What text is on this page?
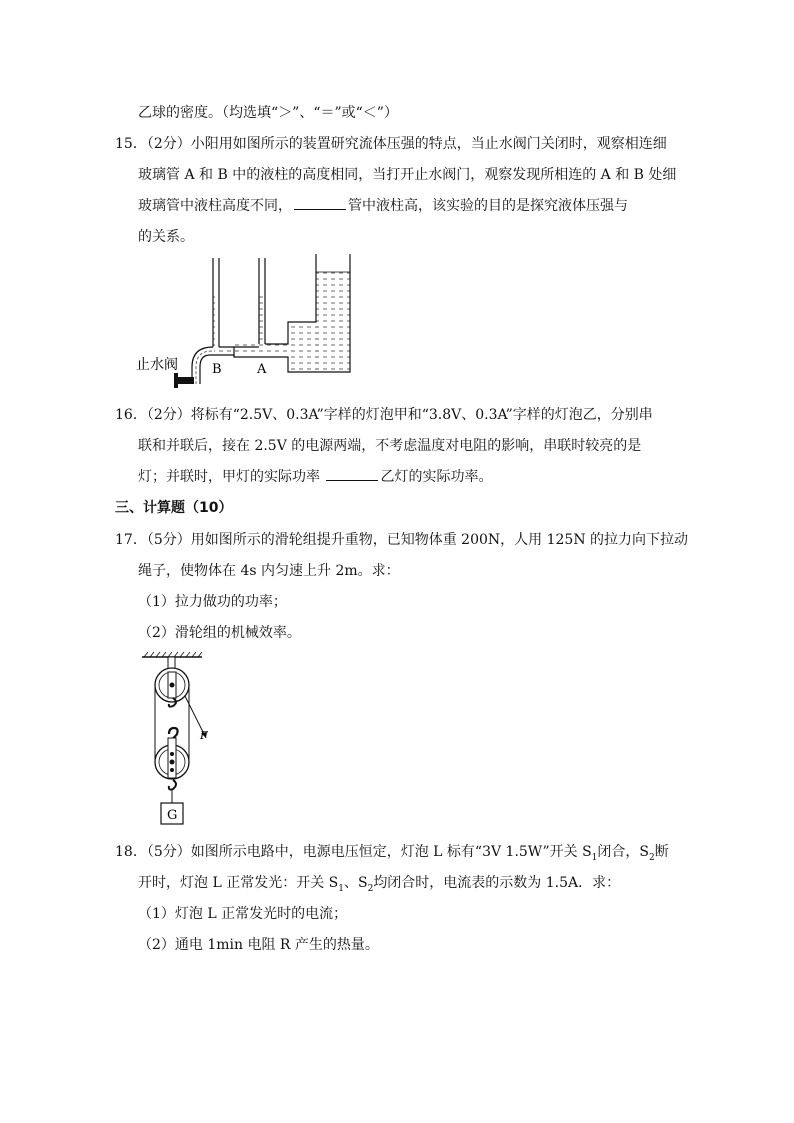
乙球的密度。（均选填“＞”、“＝”或“＜”）
15．（2分）小阳用如图所示的装置研究流体压强的特点，当止水阀门关闭时，观察相连细
玻璃管 A 和 B 中的液柱的高度相同，当打开止水阀门，观察发现所相连的 A 和 B 处细
玻璃管中液柱高度不同，	管中液柱高，该实验的目的是探究液体压强与
的关系。
止水阀	B	A
16．（2分）将标有“2.5V、0.3A”字样的灯泡甲和“3.8V、0.3A”字样的灯泡乙，分别串
联和并联后，接在 2.5V 的电源两端，不考虑温度对电阻的影响，串联时较亮的是
灯；并联时，甲灯的实际功率	乙灯的实际功率。
三、计算题（10）
17．（5分）用如图所示的滑轮组提升重物，已知物体重 200N，人用 125N 的拉力向下拉动
绳子，使物体在 4s 内匀速上升 2m。求：
（1）拉力做功的功率；
（2）滑轮组的机械效率。
F
G
18．（5分）如图所示电路中，电源电压恒定，灯泡 L 标有“3V 1.5W”开关 $S_1$闭合，$S_2$断
开时，灯泡 L 正常发光：开关 $S_1$、$S_2$均闭合时，电流表的示数为 1.5A．求：
（1）灯泡 L 正常发光时的电流；
（2）通电 1min 电阻 R 产生的热量。
